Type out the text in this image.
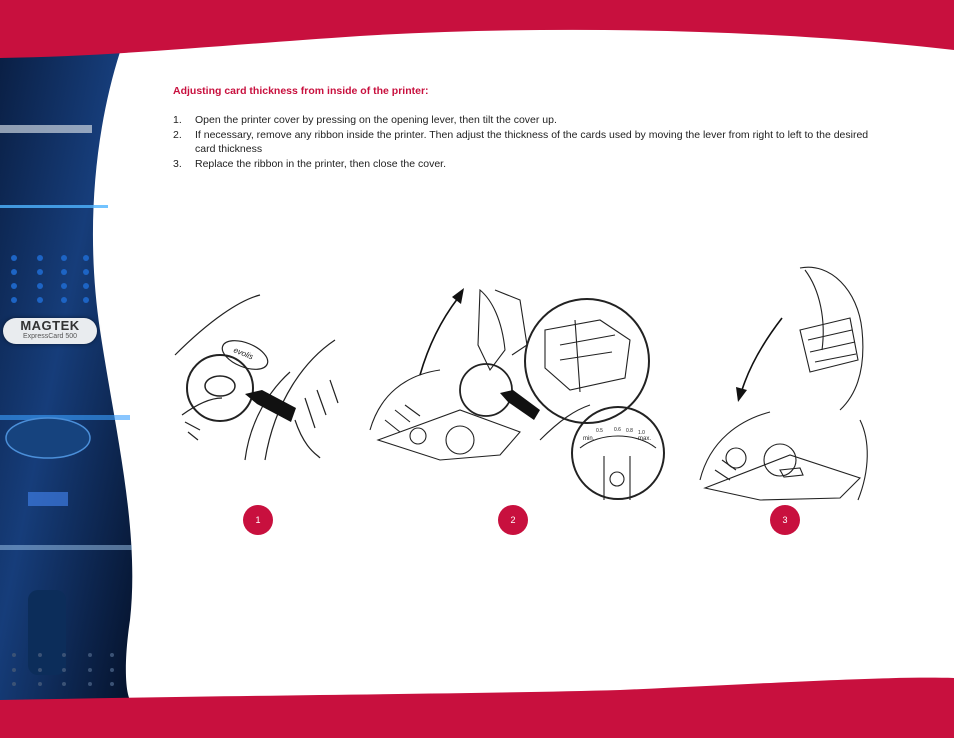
evolis
min.	max.
0.5 0.6 0.8 1.0
MAGTEK
ExpressCard 500
Adjusting card thickness from inside of the printer:
1. Open the printer cover by pressing on the opening lever, then tilt the cover up.
2. If necessary, remove any ribbon inside the printer. Then adjust the thickness of the cards used by moving the lever from right to left to the desired card thickness
3. Replace the ribbon in the printer, then close the cover.
1	2	3
